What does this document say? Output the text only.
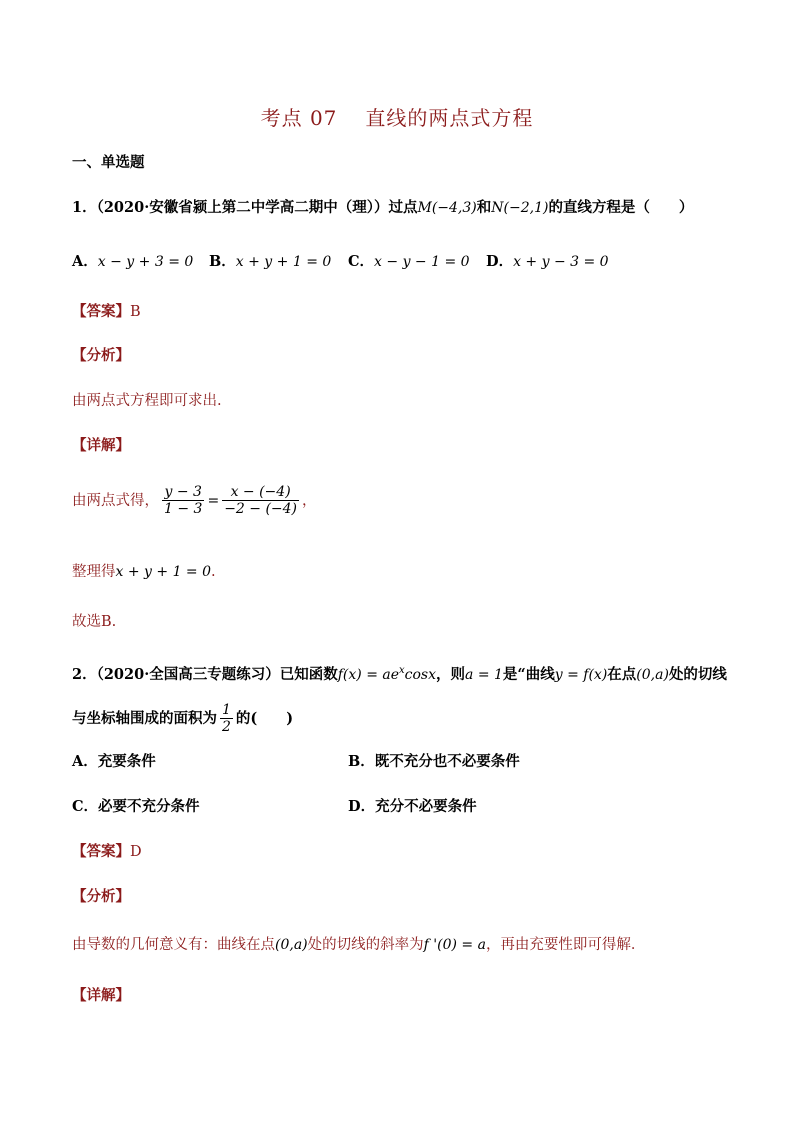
考点 07 直线的两点式方程
一、单选题
1．（2020·安徽省颍上第二中学高二期中（理））过点M(−4,3)和N(−2,1)的直线方程是（　　）
A．x − y + 3 = 0 B．x + y + 1 = 0 C．x − y − 1 = 0 D．x + y − 3 = 0
【答案】B
【分析】
由两点式方程即可求出.
【详解】
由两点式得， $\frac{y - 3}{1 - 3} = \frac{x - (-4)}{-2 - (-4)}$ ，
整理得x + y + 1 = 0.
故选B.
2．（2020·全国高三专题练习）已知函数$f(x) = ae^x\cos x$，则a = 1是“曲线y = f(x)在点(0,a)处的切线
与坐标轴围成的面积为 $\frac{1}{2}$ 的(　　)
A．充要条件	B．既不充分也不必要条件
C．必要不充分条件	D．充分不必要条件
【答案】D
【分析】
由导数的几何意义有：曲线在点(0,a)处的切线的斜率为f '(0) = a，再由充要性即可得解．
【详解】
